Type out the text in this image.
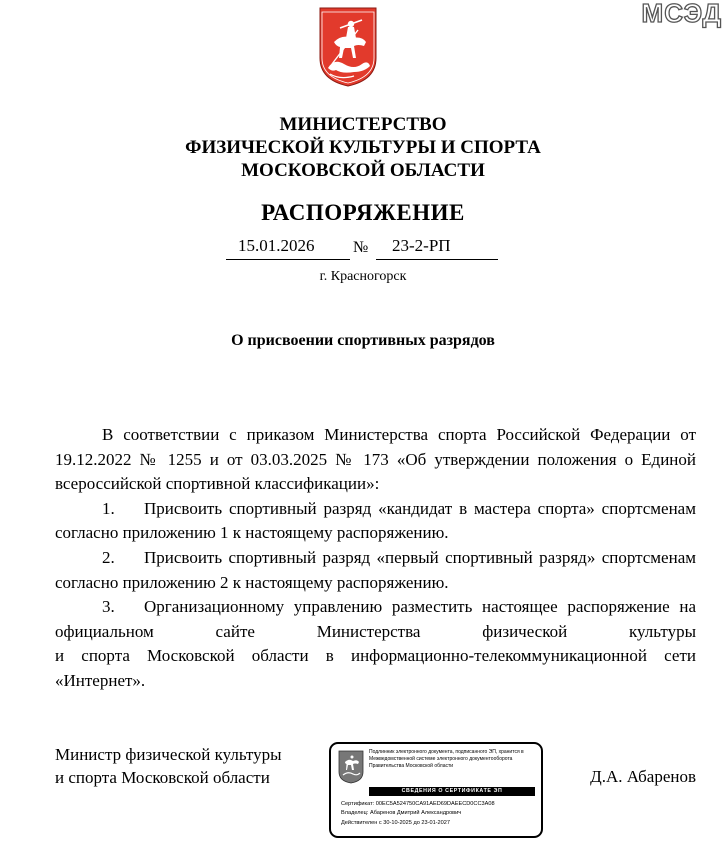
МСЭД
МИНИСТЕРСТВО
ФИЗИЧЕСКОЙ КУЛЬТУРЫ И СПОРТА
МОСКОВСКОЙ ОБЛАСТИ
РАСПОРЯЖЕНИЕ
15.01.2026 № 23-2-РП
г. Красногорск
О присвоении спортивных разрядов

В соответствии с приказом Министерства спорта Российской Федерации от 19.12.2022 № 1255 и от 03.03.2025 № 173 «Об утверждении положения о Единой всероссийской спортивной классификации»:

1. Присвоить спортивный разряд «кандидат в мастера спорта» спортсменам согласно приложению 1 к настоящему распоряжению.
2. Присвоить спортивный разряд «первый спортивный разряд» спортсменам согласно приложению 2 к настоящему распоряжению.
3. Организационному управлению разместить настоящее распоряжение на официальном сайте Министерства физической культуры
и спорта Московской области в информационно-телекоммуникационной сети «Интернет».
Министр физической культуры
и спорта Московской области	Д.А. Абаренов
Подлинник электронного документа, подписанного ЭП, хранится в Межведомственной системе электронного документооборота Правительства Московской области
СВЕДЕНИЯ О СЕРТИФИКАТЕ ЭП
Сертификат: 00EC5A524750CA91AED69DAEECD0CC3A08
Владелец: Абаренов Дмитрий Александрович
Действителен с 30-10-2025 до 23-01-2027
